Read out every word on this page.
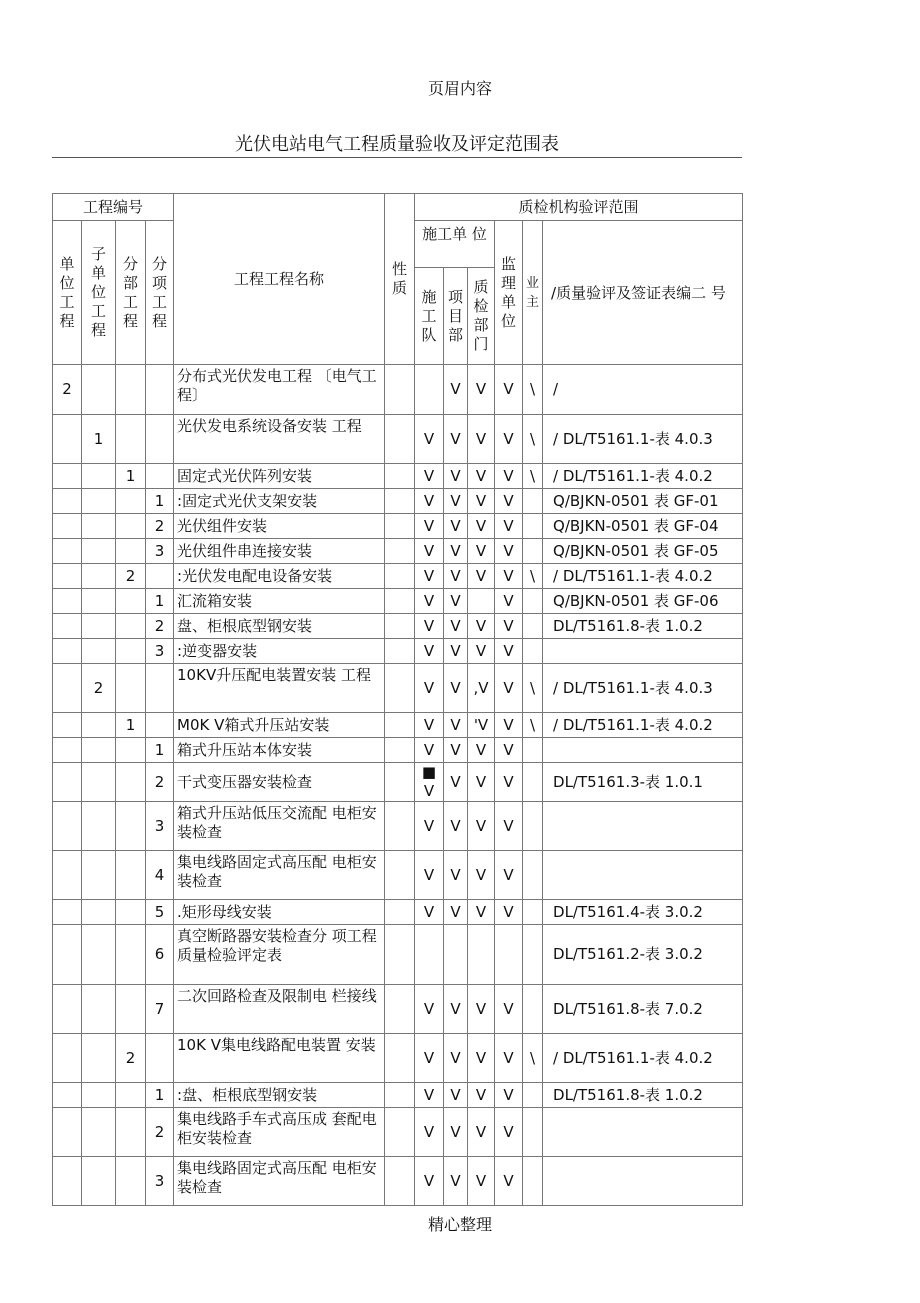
页眉内容
光伏电站电气工程质量验收及评定范围表
工程编号				工程工程名称	性质	质检机构验评范围					
单位工程	子单位工程	分部工程	分项工程			施工单 位			监理单位	业主	/质量验评及签证表编二 号
						施工队	项目部	质检部门			
2				分布式光伏发电工程 〔电气工程〕			V	V	V	\	/
	1			光伏发电系统设备安装 工程		V	V	V	V	\	/ DL/T5161.1-表 4.0.3
		1		固定式光伏阵列安装		V	V	V	V	\	/ DL/T5161.1-表 4.0.2
			1	:固定式光伏支架安装		V	V	V	V		Q/BJKN-0501 表 GF-01
			2	光伏组件安装		V	V	V	V		Q/BJKN-0501 表 GF-04
			3	光伏组件串连接安装		V	V	V	V		Q/BJKN-0501 表 GF-05
		2		:光伏发电配电设备安装		V	V	V	V	\	/ DL/T5161.1-表 4.0.2
			1	汇流箱安装		V	V		V		Q/BJKN-0501 表 GF-06
			2	盘、柜根底型钢安装		V	V	V	V		DL/T5161.8-表 1.0.2
			3	:逆变器安装		V	V	V	V		
	2			10KV升压配电装置安装 工程		V	V	,V	V	\	/ DL/T5161.1-表 4.0.3
		1		M0K V箱式升压站安装		V	V	'V	V	\	/ DL/T5161.1-表 4.0.2
			1	箱式升压站本体安装		V	V	V	V		
			2	干式变压器安装检查		■ V	V	V	V		DL/T5161.3-表 1.0.1
			3	箱式升压站低压交流配 电柜安装检查		V	V	V	V		
			4	集电线路固定式高压配 电柜安装检查		V	V	V	V		
			5	.矩形母线安装		V	V	V	V		DL/T5161.4-表 3.0.2
			6	真空断路器安装检查分 项工程质量检验评定表							DL/T5161.2-表 3.0.2
			7	二次回路检查及限制电 栏接线		V	V	V	V		DL/T5161.8-表 7.0.2
		2		10K V集电线路配电装置 安装		V	V	V	V	\	/ DL/T5161.1-表 4.0.2
			1	:盘、柜根底型钢安装		V	V	V	V		DL/T5161.8-表 1.0.2
			2	集电线路手车式高压成 套配电柜安装检查		V	V	V	V		
			3	集电线路固定式高压配 电柜安装检查		V	V	V	V		
精心整理
